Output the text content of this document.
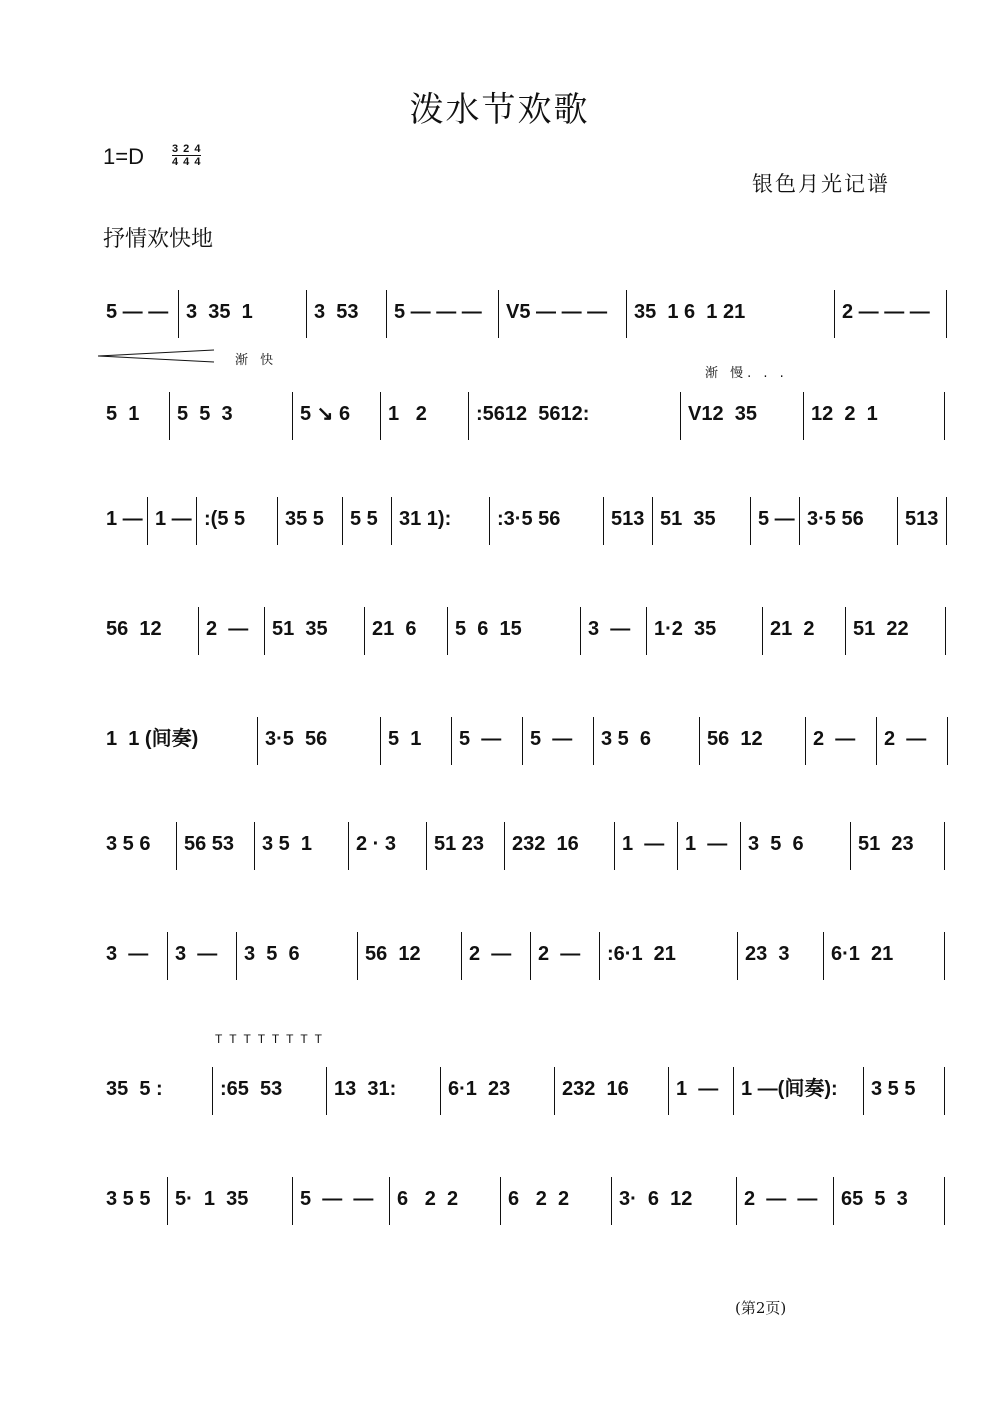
泼水节欢歌
1=D	3 2 4
4 4 4
银色月光记谱
抒情欢快地
渐 快
渐 慢. . .
T T T T T T T T
5 — — 3  35  1	3  53 5 — — — V5 — — — 35  1 6  1 21	2 — — —
5  1 5  5  3	5 ↘ 6 1   2 :5612  5612:	V12  35	12  2  1
1 — 1 — :(5 5 35 5 5 5 31 1): :3·5 56	513 51  35 5 — 3·5 56 513
56  12 2  — 51  35 21  6 5  6  15	3  — 1·2  35	21  2 51  22
1  1 (间奏)	3·5  56	5  1 5  — 5  — 3 5  6	56  12	2  — 2  —
3 5 6 56 53 3 5  1 2 · 3 51 23 232  16 1  — 1  — 3  5  6	51  23
3  — 3  — 3  5  6	56  12 2  — 2  — :6·1  21	23  3 6·1  21
35  5 :	:65  53	13  31:	6·1  23	232  16 1  — 1 —(间奏): 3 5 5
3 5 5 5·  1  35	5  —  — 6   2  2 6   2  2 3·  6  12	2  —  — 65  5  3
(第2页)
